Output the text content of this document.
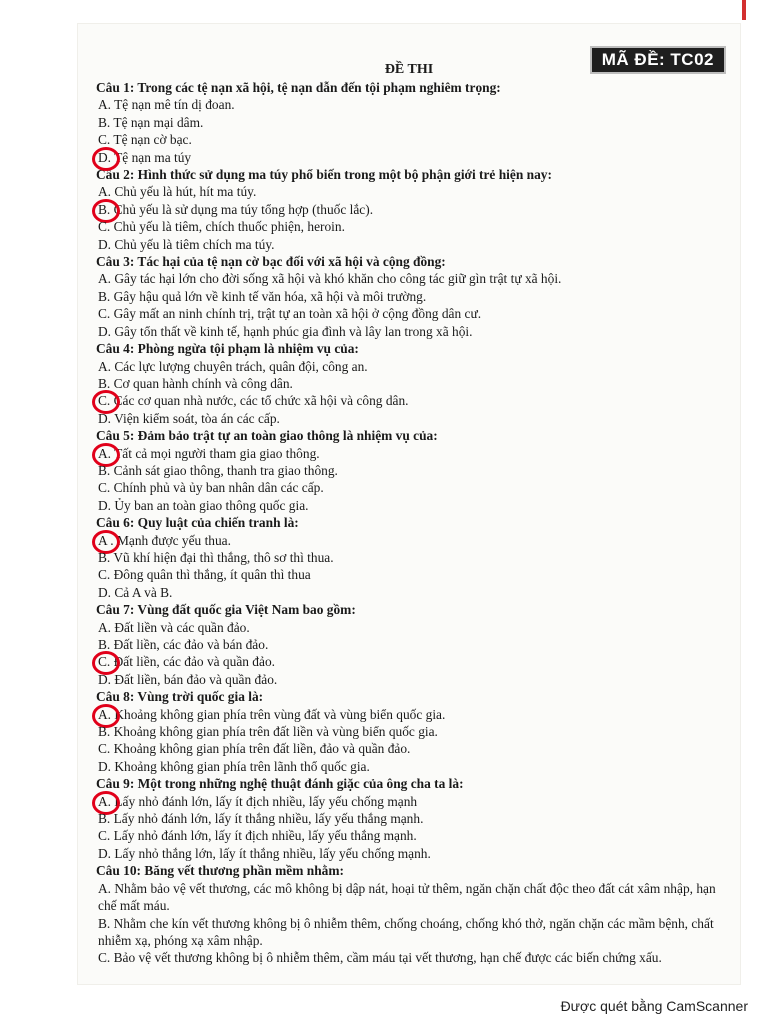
MÃ ĐỀ: TC02
ĐỀ THI
Câu 1: Trong các tệ nạn xã hội, tệ nạn dẫn đến tội phạm nghiêm trọng:
A. Tệ nạn mê tín dị đoan.
B. Tệ nạn mại dâm.
C. Tệ nạn cờ bạc.
D. Tệ nạn ma túy
Câu 2: Hình thức sử dụng ma túy phổ biến trong một bộ phận giới trẻ hiện nay:
A. Chủ yếu là hút, hít ma túy.
B. Chủ yếu là sử dụng ma túy tổng hợp (thuốc lắc).
C. Chủ yếu là tiêm, chích thuốc phiện, heroin.
D. Chủ yếu là tiêm chích ma túy.
Câu 3: Tác hại của tệ nạn cờ bạc đối với xã hội và cộng đồng:
A. Gây tác hại lớn cho đời sống xã hội và khó khăn cho công tác giữ gìn trật tự xã hội.
B. Gây hậu quả lớn về kinh tế văn hóa, xã hội và môi trường.
C. Gây mất an ninh chính trị, trật tự an toàn xã hội ở cộng đồng dân cư.
D. Gây tổn thất về kinh tế, hạnh phúc gia đình và lây lan trong xã hội.
Câu 4: Phòng ngừa tội phạm là nhiệm vụ của:
A. Các lực lượng chuyên trách, quân đội, công an.
B. Cơ quan hành chính và công dân.
C. Các cơ quan nhà nước, các tổ chức xã hội và công dân.
D. Viện kiểm soát, tòa án các cấp.
Câu 5: Đảm bảo trật tự an toàn giao thông là nhiệm vụ của:
A. Tất cả mọi người tham gia giao thông.
B. Cảnh sát giao thông, thanh tra giao thông.
C. Chính phủ và ủy ban nhân dân các cấp.
D. Ủy ban an toàn giao thông quốc gia.
Câu 6: Quy luật của chiến tranh là:
A . Mạnh được yếu thua.
B. Vũ khí hiện đại thì thắng, thô sơ thì thua.
C. Đông quân thì thắng, ít quân thì thua
D. Cả A và B.
Câu 7: Vùng đất quốc gia Việt Nam bao gồm:
A. Đất liền và các quần đảo.
B. Đất liền, các đảo và bán đảo.
C. Đất liền, các đảo và quần đảo.
D. Đất liền, bán đảo và quần đảo.
Câu 8: Vùng trời quốc gia là:
A. Khoảng không gian phía trên vùng đất và vùng biển quốc gia.
B. Khoảng không gian phía trên đất liền và vùng biển quốc gia.
C. Khoảng không gian phía trên đất liền, đảo và quần đảo.
D. Khoảng không gian phía trên lãnh thổ quốc gia.
Câu 9: Một trong những nghệ thuật đánh giặc của ông cha ta là:
A. Lấy nhỏ đánh lớn, lấy ít địch nhiều, lấy yếu chống mạnh
B. Lấy nhỏ đánh lớn, lấy ít thắng nhiều, lấy yếu thắng mạnh.
C. Lấy nhỏ đánh lớn, lấy ít địch nhiều, lấy yếu thắng mạnh.
D. Lấy nhỏ thắng lớn, lấy ít thắng nhiều, lấy yếu chống mạnh.
Câu 10: Băng vết thương phần mềm nhằm:
A. Nhằm bảo vệ vết thương, các mô không bị dập nát, hoại tử thêm, ngăn chặn chất độc theo đất cát xâm nhập, hạn chế mất máu.
B. Nhằm che kín vết thương không bị ô nhiễm thêm, chống choáng, chống khó thở, ngăn chặn các mầm bệnh, chất nhiễm xạ, phóng xạ xâm nhập.
C. Bảo vệ vết thương không bị ô nhiễm thêm, cầm máu tại vết thương, hạn chế được các biến chứng xấu.
Được quét bằng CamScanner
